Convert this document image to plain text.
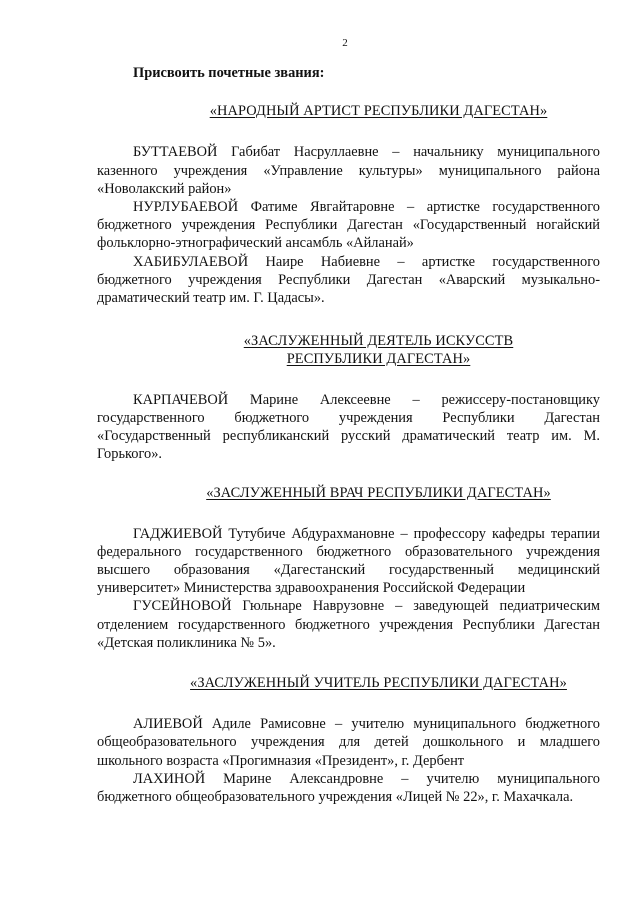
2

Присвоить почетные звания:

«НАРОДНЫЙ АРТИСТ РЕСПУБЛИКИ ДАГЕСТАН»

БУТТАЕВОЙ Габибат Насруллаевне – начальнику муниципального казенного учреждения «Управление культуры» муниципального района «Новолакский район»

НУРЛУБАЕВОЙ Фатиме Явгайтаровне – артистке государственного бюджетного учреждения Республики Дагестан «Государственный ногайский фольклорно-этнографический ансамбль «Айланай»

ХАБИБУЛАЕВОЙ Наире Набиевне – артистке государственного бюджетного учреждения Республики Дагестан «Аварский музыкально-драматический театр им. Г. Цадасы».

«ЗАСЛУЖЕННЫЙ ДЕЯТЕЛЬ ИСКУССТВ
РЕСПУБЛИКИ ДАГЕСТАН»

КАРПАЧЕВОЙ Марине Алексеевне – режиссеру-постановщику государственного бюджетного учреждения Республики Дагестан «Государственный республиканский русский драматический театр им. М. Горького».

«ЗАСЛУЖЕННЫЙ ВРАЧ РЕСПУБЛИКИ ДАГЕСТАН»

ГАДЖИЕВОЙ Тутубиче Абдурахмановне – профессору кафедры терапии федерального государственного бюджетного образовательного учреждения высшего образования «Дагестанский государственный медицинский университет» Министерства здравоохранения Российской Федерации

ГУСЕЙНОВОЙ Гюльнаре Наврузовне – заведующей педиатрическим отделением государственного бюджетного учреждения Республики Дагестан «Детская поликлиника № 5».

«ЗАСЛУЖЕННЫЙ УЧИТЕЛЬ РЕСПУБЛИКИ ДАГЕСТАН»

АЛИЕВОЙ Адиле Рамисовне – учителю муниципального бюджетного общеобразовательного учреждения для детей дошкольного и младшего школьного возраста «Прогимназия «Президент», г. Дербент

ЛАХИНОЙ Марине Александровне – учителю муниципального бюджетного общеобразовательного учреждения «Лицей № 22», г. Махачкала.
